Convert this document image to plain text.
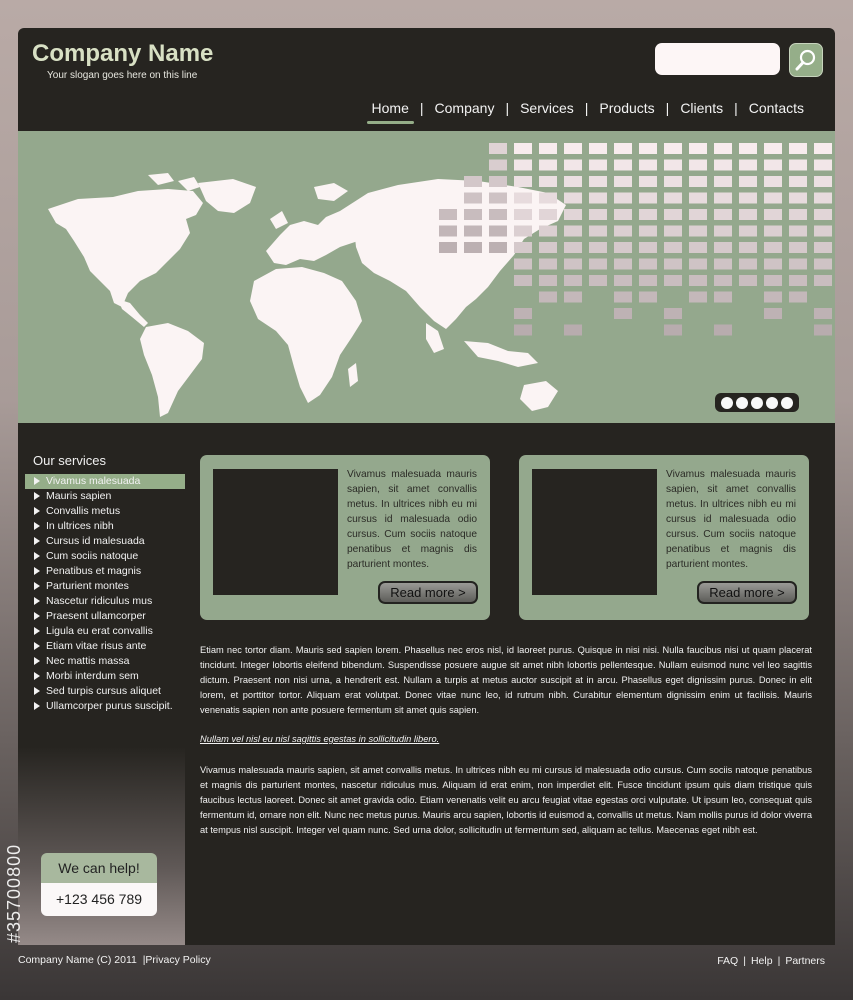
Company Name
Your slogan goes here on this line
Home | Company | Services | Products | Clients | Contacts
Our services
Vivamus malesuada
Mauris sapien
Convallis metus
In ultrices nibh
Cursus id malesuada
Cum sociis natoque
Penatibus et magnis
Parturient montes
Nascetur ridiculus mus
Praesent ullamcorper
Ligula eu erat convallis
Etiam vitae risus ante
Nec mattis massa
Morbi interdum sem
Sed turpis cursus aliquet
Ullamcorper purus suscipit.
We can help!
+123 456 789
Vivamus malesuada mauris sapien, sit amet convallis metus. In ultrices nibh eu mi cursus id malesuada odio cursus. Cum sociis natoque penatibus et magnis dis parturient montes.
Read more >
Vivamus malesuada mauris sapien, sit amet convallis metus. In ultrices nibh eu mi cursus id malesuada odio cursus. Cum sociis natoque penatibus et magnis dis parturient montes.
Read more >

Etiam nec tortor diam. Mauris sed sapien lorem. Phasellus nec eros nisl, id laoreet purus. Quisque in nisi nisi. Nulla faucibus nisi ut quam placerat tincidunt. Integer lobortis eleifend bibendum. Suspendisse posuere augue sit amet nibh lobortis pellentesque. Nullam euismod nunc vel leo sagittis dictum. Praesent non nisi urna, a hendrerit est. Nullam a turpis at metus auctor suscipit at in arcu. Phasellus eget dignissim purus. Donec in elit lorem, et porttitor tortor. Aliquam erat volutpat. Donec vitae nunc leo, id rutrum nibh. Curabitur elementum dignissim enim ut facilisis. Mauris venenatis sapien non ante posuere fermentum sit amet quis sapien.

Nullam vel nisl eu nisl sagittis egestas in sollicitudin libero.

Vivamus malesuada mauris sapien, sit amet convallis metus. In ultrices nibh eu mi cursus id malesuada odio cursus. Cum sociis natoque penatibus et magnis dis parturient montes, nascetur ridiculus mus. Aliquam id erat enim, non imperdiet elit. Fusce tincidunt ipsum quis diam tristique quis faucibus lectus laoreet. Donec sit amet gravida odio. Etiam venenatis velit eu arcu feugiat vitae egestas orci vulputate. Ut ipsum leo, consequat quis fermentum id, ornare non elit. Nunc nec metus purus. Mauris arcu sapien, lobortis id euismod a, convallis ut metus. Nam mollis purus id dolor viverra at tempus nisl suscipit. Integer vel quam nunc. Sed urna dolor, sollicitudin ut fermentum sed, aliquam ac tellus. Maecenas eget nibh est.

#35700800
Company Name (C) 2011  |Privacy Policy	FAQ | Help | Partners
